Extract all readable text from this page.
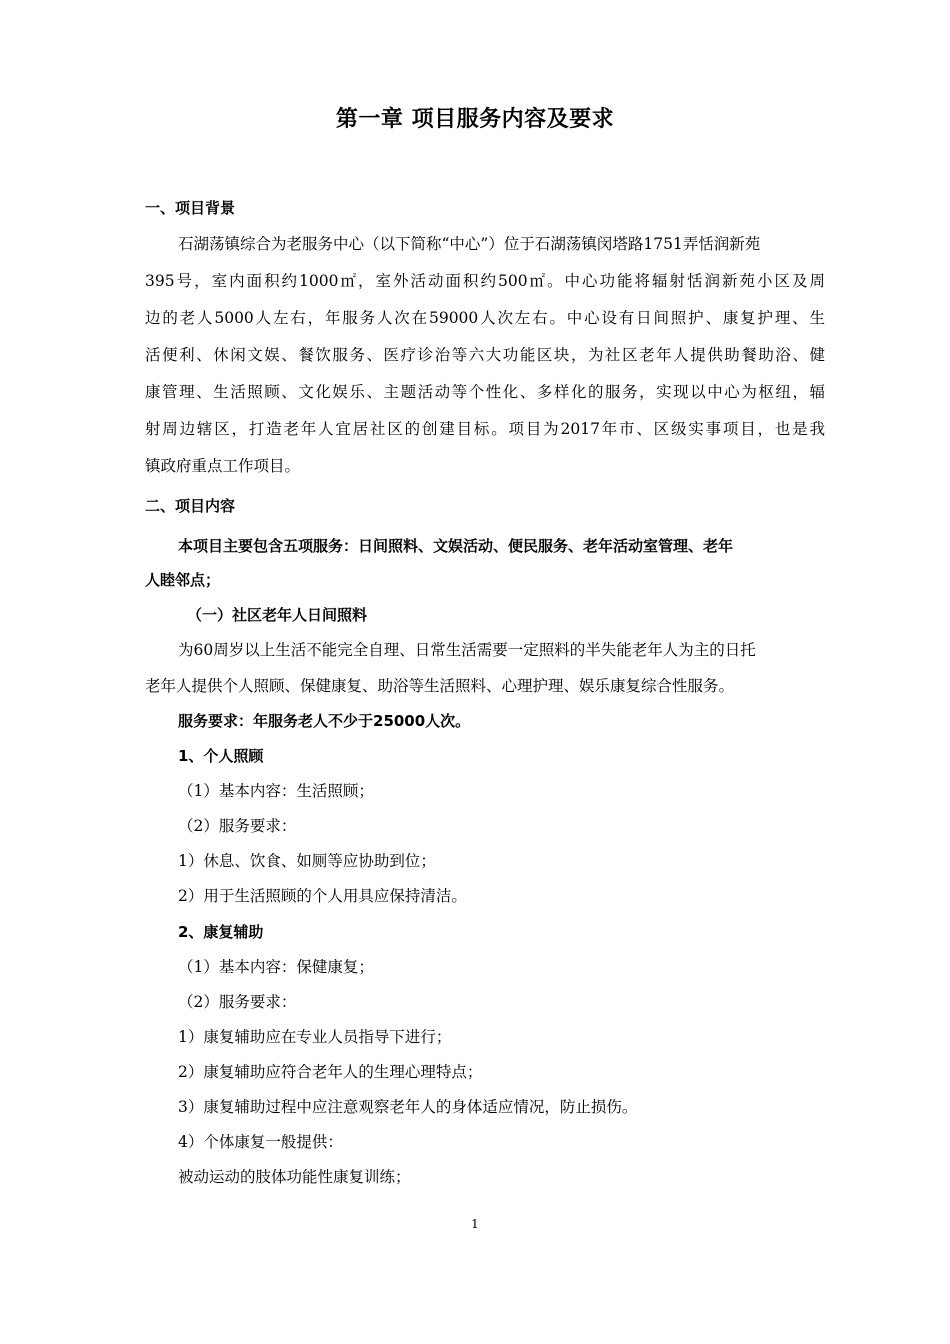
第一章 项目服务内容及要求
一、项目背景
石湖荡镇综合为老服务中心（以下简称“中心”）位于石湖荡镇闵塔路1751弄恬润新苑
395号，室内面积约1000㎡，室外活动面积约500㎡。中心功能将辐射恬润新苑小区及周
边的老人5000人左右，年服务人次在59000人次左右。中心设有日间照护、康复护理、生
活便利、休闲文娱、餐饮服务、医疗诊治等六大功能区块，为社区老年人提供助餐助浴、健
康管理、生活照顾、文化娱乐、主题活动等个性化、多样化的服务，实现以中心为枢纽，辐
射周边辖区，打造老年人宜居社区的创建目标。项目为2017年市、区级实事项目，也是我
镇政府重点工作项目。
二、项目内容
本项目主要包含五项服务：日间照料、文娱活动、便民服务、老年活动室管理、老年
人睦邻点；
（一）社区老年人日间照料
为60周岁以上生活不能完全自理、日常生活需要一定照料的半失能老年人为主的日托
老年人提供个人照顾、保健康复、助浴等生活照料、心理护理、娱乐康复综合性服务。
服务要求：年服务老人不少于25000人次。
1、个人照顾
（1）基本内容：生活照顾；
（2）服务要求：
1）休息、饮食、如厕等应协助到位；
2）用于生活照顾的个人用具应保持清洁。
2、康复辅助
（1）基本内容：保健康复；
（2）服务要求：
1）康复辅助应在专业人员指导下进行；
2）康复辅助应符合老年人的生理心理特点；
3）康复辅助过程中应注意观察老年人的身体适应情况，防止损伤。
4）个体康复一般提供：
被动运动的肢体功能性康复训练；
1
